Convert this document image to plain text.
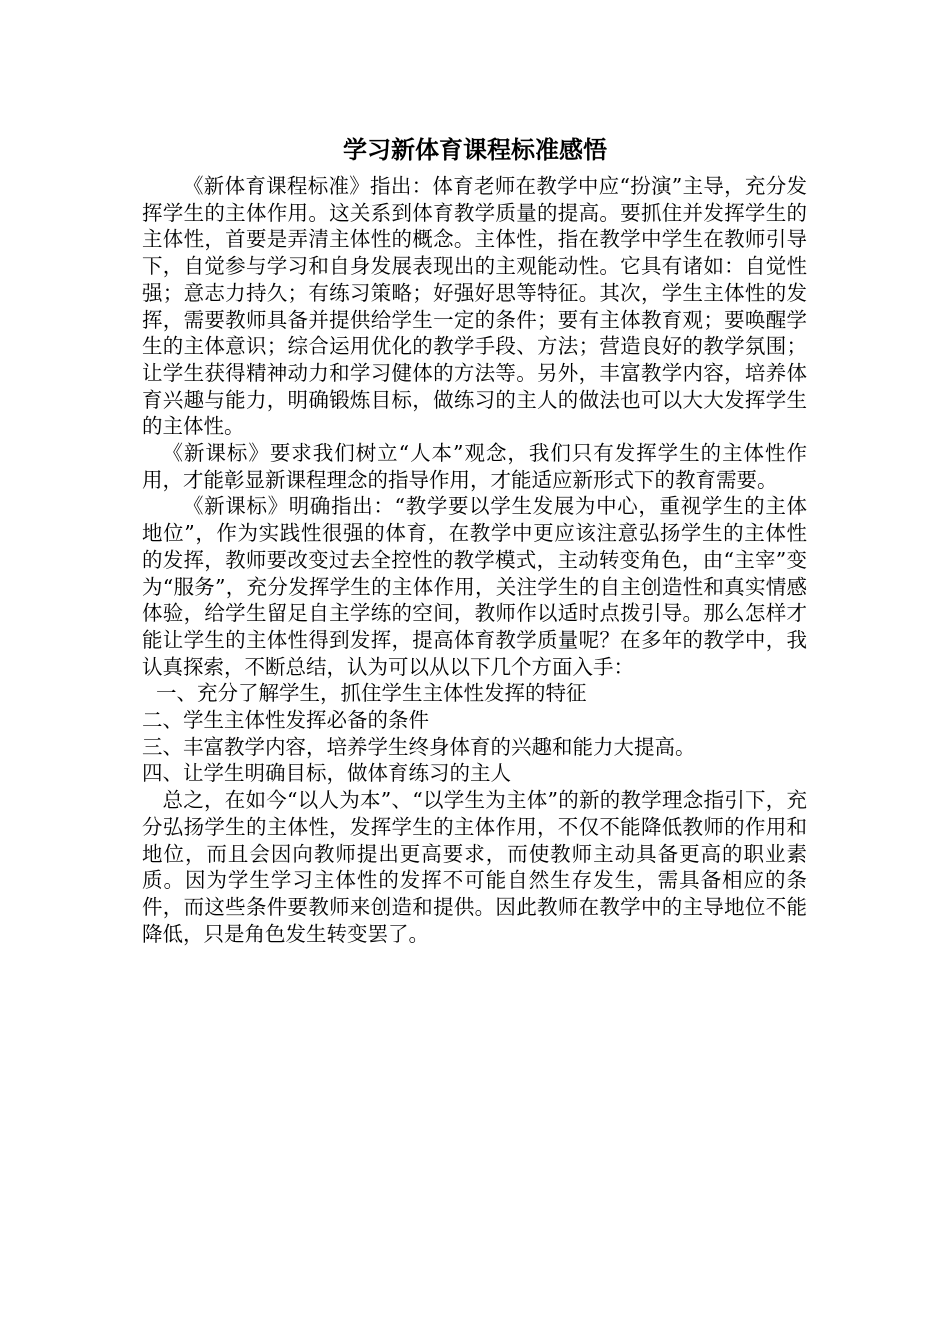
学习新体育课程标准感悟

《新体育课程标准》指出：体育老师在教学中应“扮演”主导，充分发挥学生的主体作用。这关系到体育教学质量的提高。要抓住并发挥学生的主体性，首要是弄清主体性的概念。主体性，指在教学中学生在教师引导下，自觉参与学习和自身发展表现出的主观能动性。它具有诸如：自觉性强；意志力持久；有练习策略；好强好思等特征。其次，学生主体性的发挥，需要教师具备并提供给学生一定的条件；要有主体教育观；要唤醒学生的主体意识；综合运用优化的教学手段、方法；营造良好的教学氛围；让学生获得精神动力和学习健体的方法等。另外，丰富教学内容，培养体育兴趣与能力，明确锻炼目标，做练习的主人的做法也可以大大发挥学生的主体性。

《新课标》要求我们树立“人本”观念，我们只有发挥学生的主体性作用，才能彰显新课程理念的指导作用，才能适应新形式下的教育需要。

《新课标》明确指出：“教学要以学生发展为中心，重视学生的主体地位”，作为实践性很强的体育，在教学中更应该注意弘扬学生的主体性的发挥，教师要改变过去全控性的教学模式，主动转变角色，由“主宰”变为“服务”，充分发挥学生的主体作用，关注学生的自主创造性和真实情感体验，给学生留足自主学练的空间，教师作以适时点拨引导。那么怎样才能让学生的主体性得到发挥，提高体育教学质量呢？在多年的教学中，我认真探索，不断总结，认为可以从以下几个方面入手：

一、充分了解学生，抓住学生主体性发挥的特征

二、学生主体性发挥必备的条件

三、丰富教学内容，培养学生终身体育的兴趣和能力大提高。

四、让学生明确目标，做体育练习的主人

总之，在如今“以人为本”、“以学生为主体”的新的教学理念指引下，充分弘扬学生的主体性，发挥学生的主体作用，不仅不能降低教师的作用和地位，而且会因向教师提出更高要求，而使教师主动具备更高的职业素质。因为学生学习主体性的发挥不可能自然生存发生，需具备相应的条件，而这些条件要教师来创造和提供。因此教师在教学中的主导地位不能降低，只是角色发生转变罢了。
